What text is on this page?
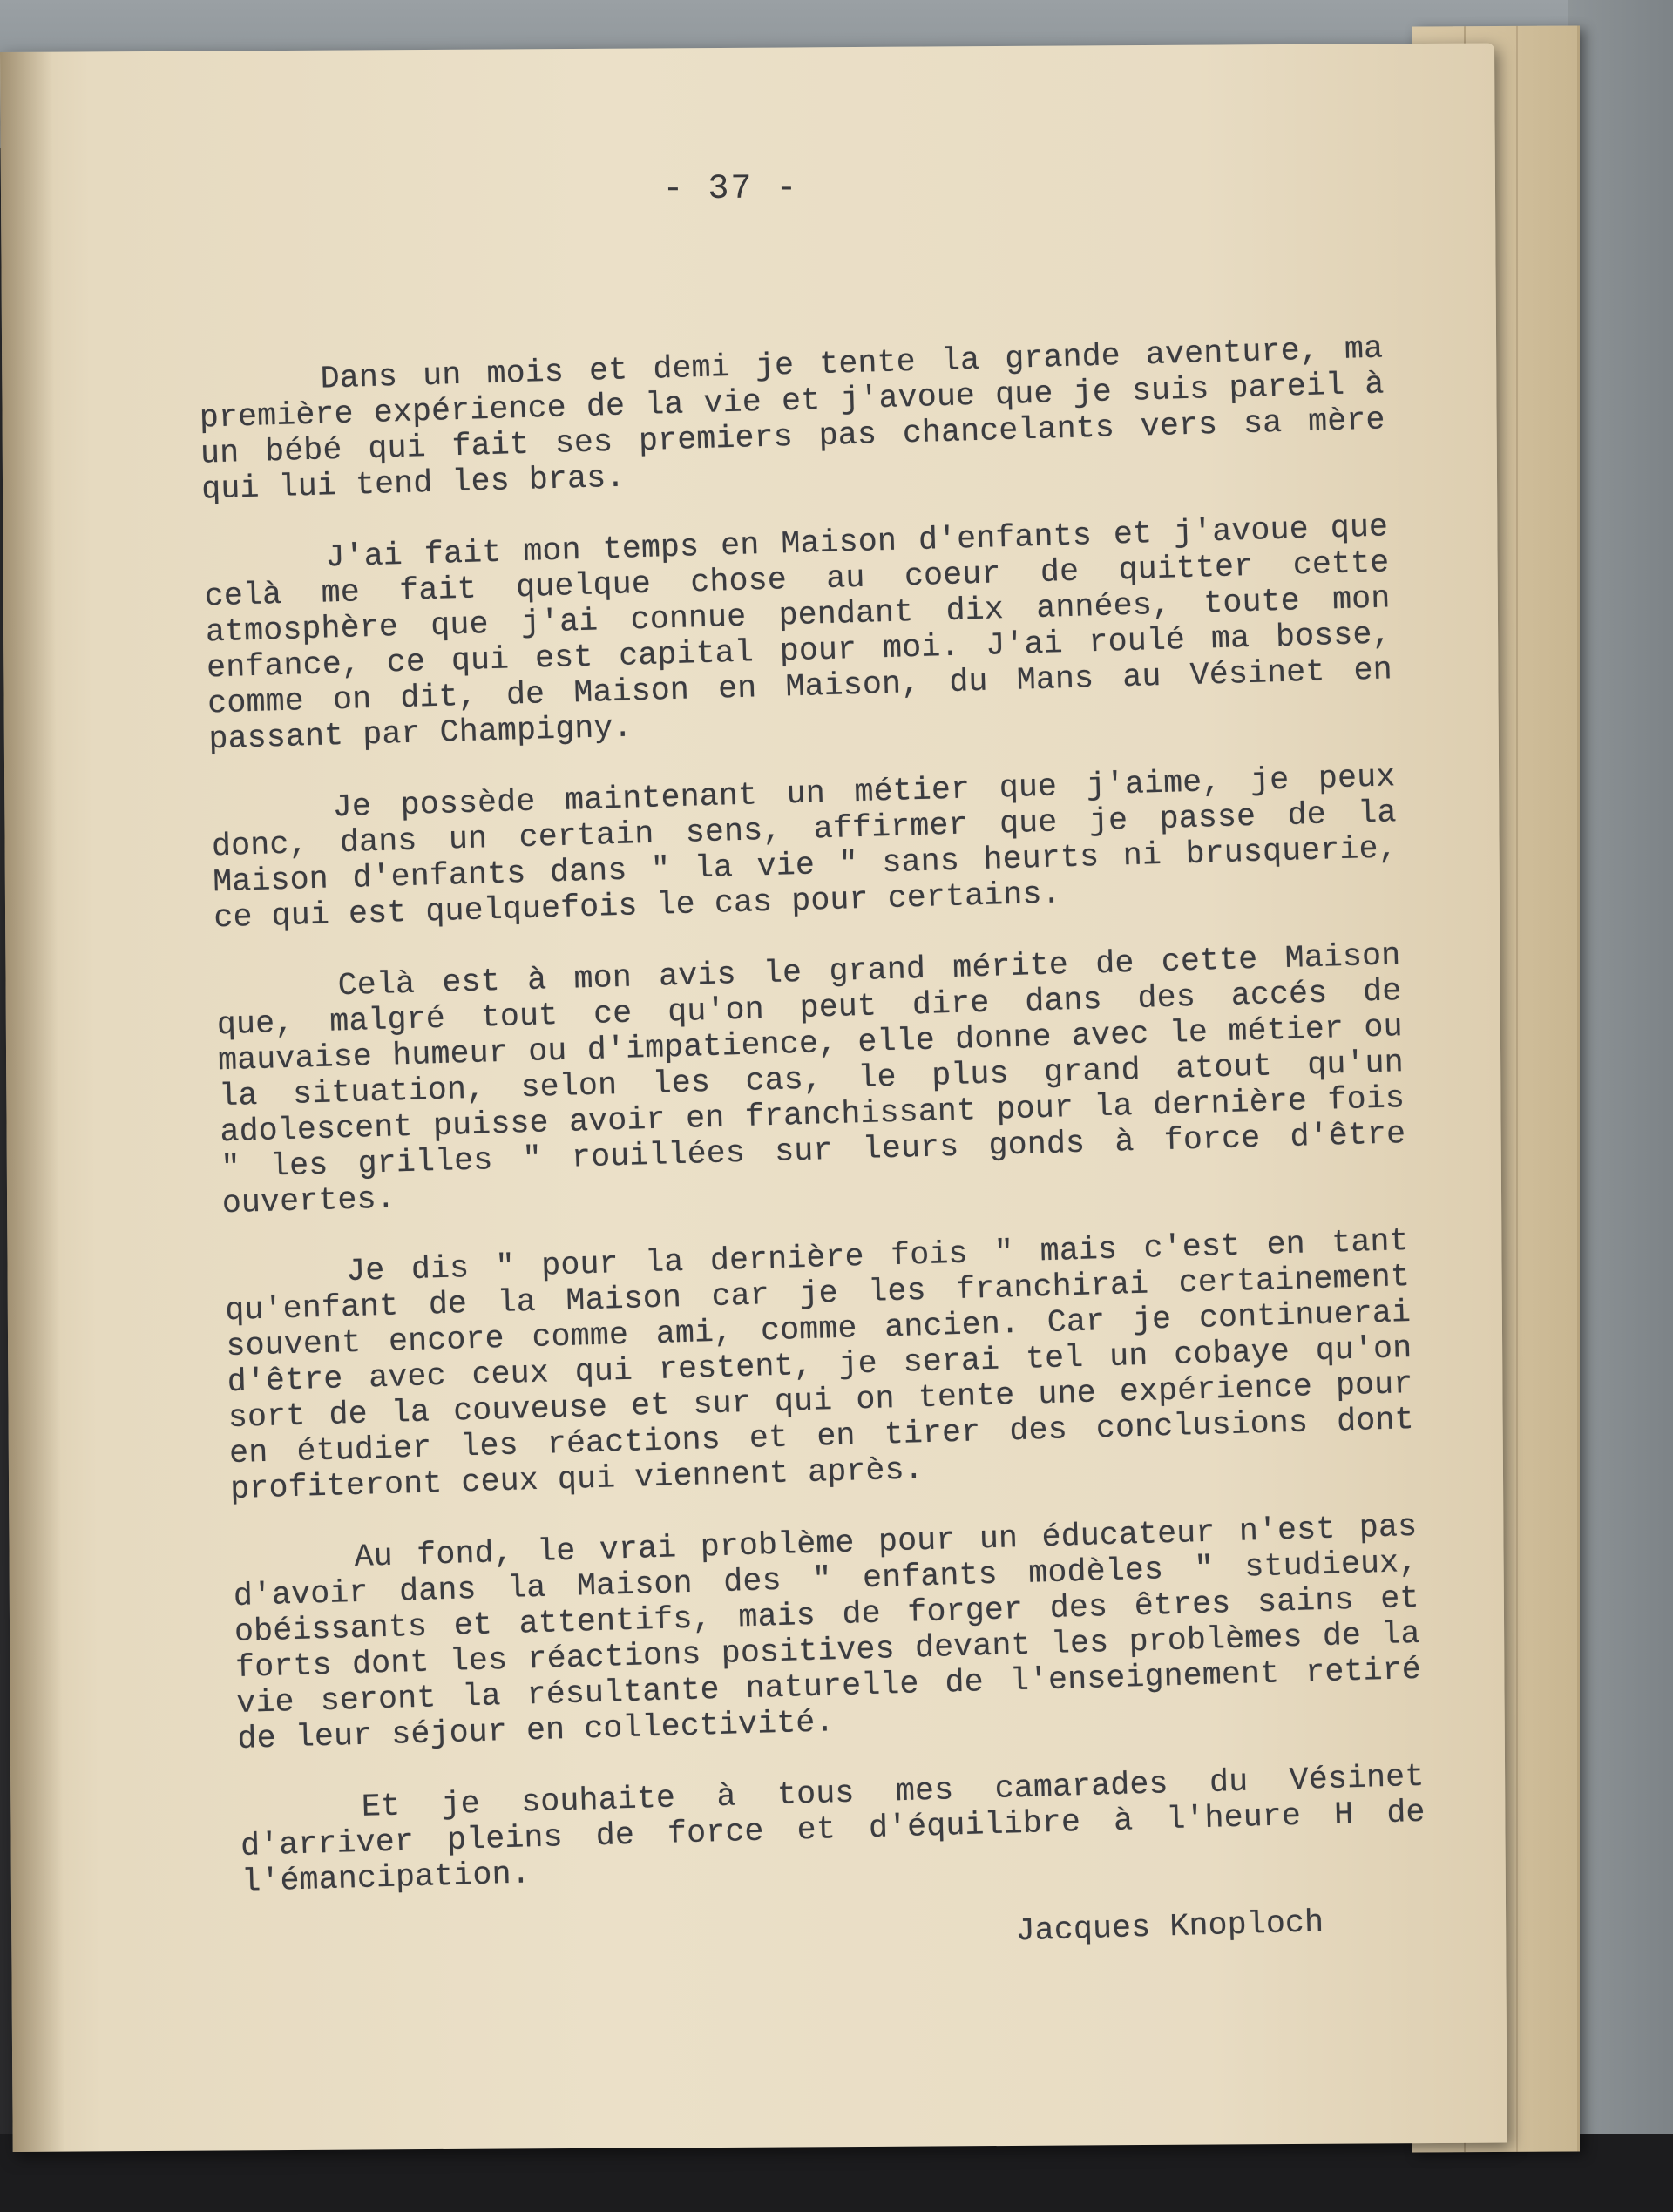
- 37 -

Dans un mois et demi je tente la grande aventure, ma première expérience de la vie et j'avoue que je suis pareil à un bébé qui fait ses premiers pas chancelants vers sa mère qui lui tend les bras.

J'ai fait mon temps en Maison d'enfants et j'avoue que celà me fait quelque chose au coeur de quitter cette atmosphère que j'ai connue pendant dix années, toute mon enfance, ce qui est capital pour moi. J'ai roulé ma bosse, comme on dit, de Maison en Maison, du Mans au Vésinet en passant par Champigny.

Je possède maintenant un métier que j'aime, je peux donc, dans un certain sens, affirmer que je passe de la Maison d'enfants dans " la vie " sans heurts ni brusquerie, ce qui est quelquefois le cas pour certains.

Celà est à mon avis le grand mérite de cette Maison que, malgré tout ce qu'on peut dire dans des accés de mauvaise humeur ou d'impatience, elle donne avec le métier ou la situation, selon les cas, le plus grand atout qu'un adolescent puisse avoir en franchissant pour la dernière fois " les grilles " rouillées sur leurs gonds à force d'être ouvertes.

Je dis " pour la dernière fois " mais c'est en tant qu'enfant de la Maison car je les franchirai certainement souvent encore comme ami, comme ancien. Car je continuerai d'être avec ceux qui restent, je serai tel un cobaye qu'on sort de la couveuse et sur qui on tente une expérience pour en étudier les réactions et en tirer des conclusions dont profiteront ceux qui viennent après.

Au fond, le vrai problème pour un éducateur n'est pas d'avoir dans la Maison des " enfants modèles " studieux, obéissants et attentifs, mais de forger des êtres sains et forts dont les réactions positives devant les problèmes de la vie seront la résultante naturelle de l'enseignement retiré de leur séjour en collectivité.

Et je souhaite à tous mes camarades du Vésinet d'arriver pleins de force et d'équilibre à l'heure H de l'émancipation.

Jacques Knoploch
